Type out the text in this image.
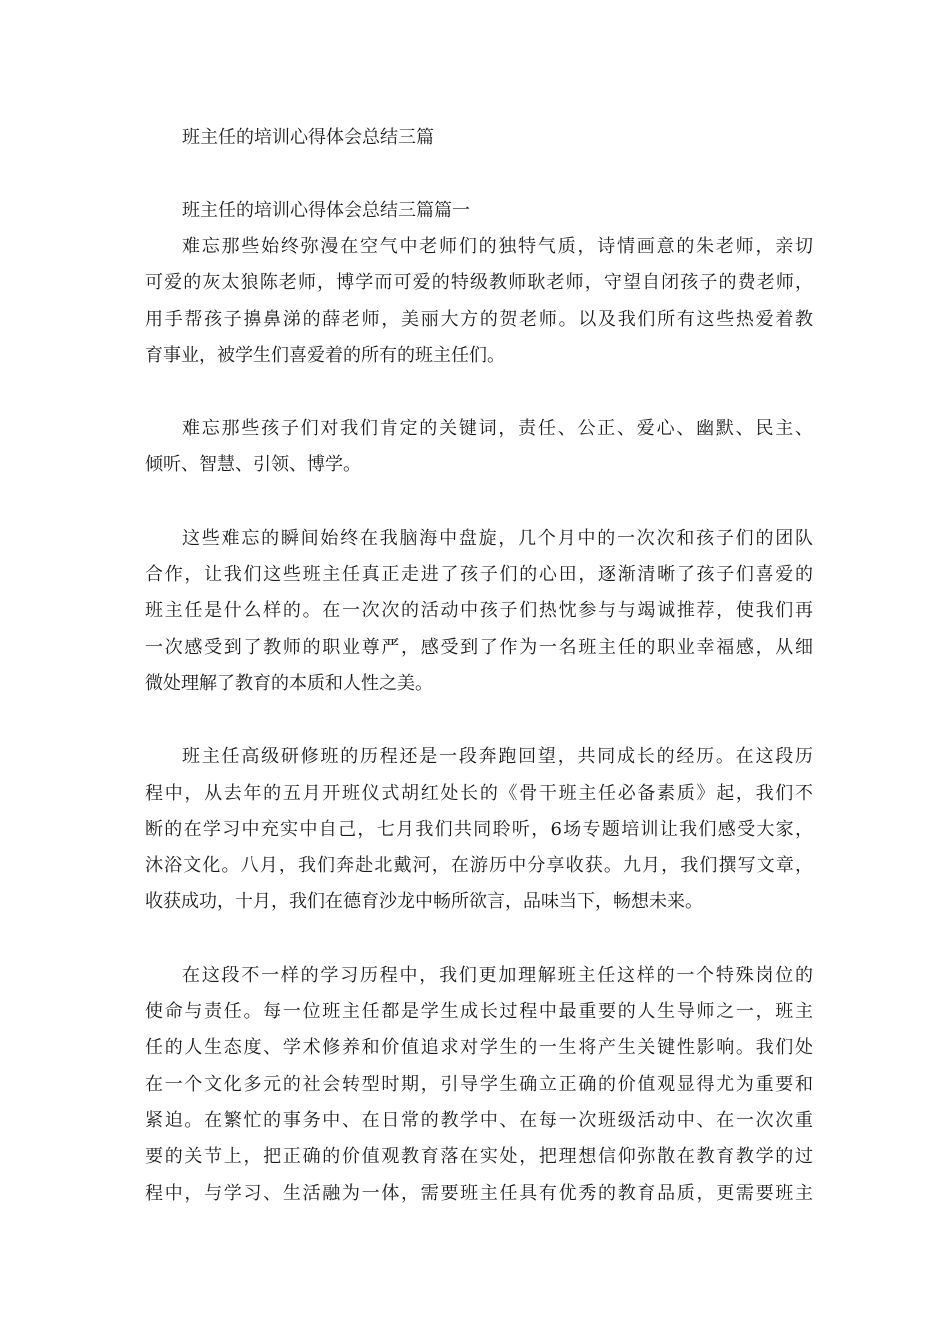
班主任的培训心得体会总结三篇
班主任的培训心得体会总结三篇篇一

难忘那些始终弥漫在空气中老师们的独特气质，诗情画意的朱老师，亲切
可爱的灰太狼陈老师，博学而可爱的特级教师耿老师，守望自闭孩子的费老师，
用手帮孩子擤鼻涕的薛老师，美丽大方的贺老师。以及我们所有这些热爱着教
育事业，被学生们喜爱着的所有的班主任们。

难忘那些孩子们对我们肯定的关键词，责任、公正、爱心、幽默、民主、
倾听、智慧、引领、博学。

这些难忘的瞬间始终在我脑海中盘旋，几个月中的一次次和孩子们的团队
合作，让我们这些班主任真正走进了孩子们的心田，逐渐清晰了孩子们喜爱的
班主任是什么样的。在一次次的活动中孩子们热忱参与与竭诚推荐，使我们再
一次感受到了教师的职业尊严，感受到了作为一名班主任的职业幸福感，从细
微处理解了教育的本质和人性之美。

班主任高级研修班的历程还是一段奔跑回望，共同成长的经历。在这段历
程中，从去年的五月开班仪式胡红处长的《骨干班主任必备素质》起，我们不
断的在学习中充实中自己，七月我们共同聆听，6场专题培训让我们感受大家，
沐浴文化。八月，我们奔赴北戴河，在游历中分享收获。九月，我们撰写文章，
收获成功，十月，我们在德育沙龙中畅所欲言，品味当下，畅想未来。

在这段不一样的学习历程中，我们更加理解班主任这样的一个特殊岗位的
使命与责任。每一位班主任都是学生成长过程中最重要的人生导师之一，班主
任的人生态度、学术修养和价值追求对学生的一生将产生关键性影响。我们处
在一个文化多元的社会转型时期，引导学生确立正确的价值观显得尤为重要和
紧迫。在繁忙的事务中、在日常的教学中、在每一次班级活动中、在一次次重
要的关节上，把正确的价值观教育落在实处，把理想信仰弥散在教育教学的过
程中，与学习、生活融为一体，需要班主任具有优秀的教育品质，更需要班主
